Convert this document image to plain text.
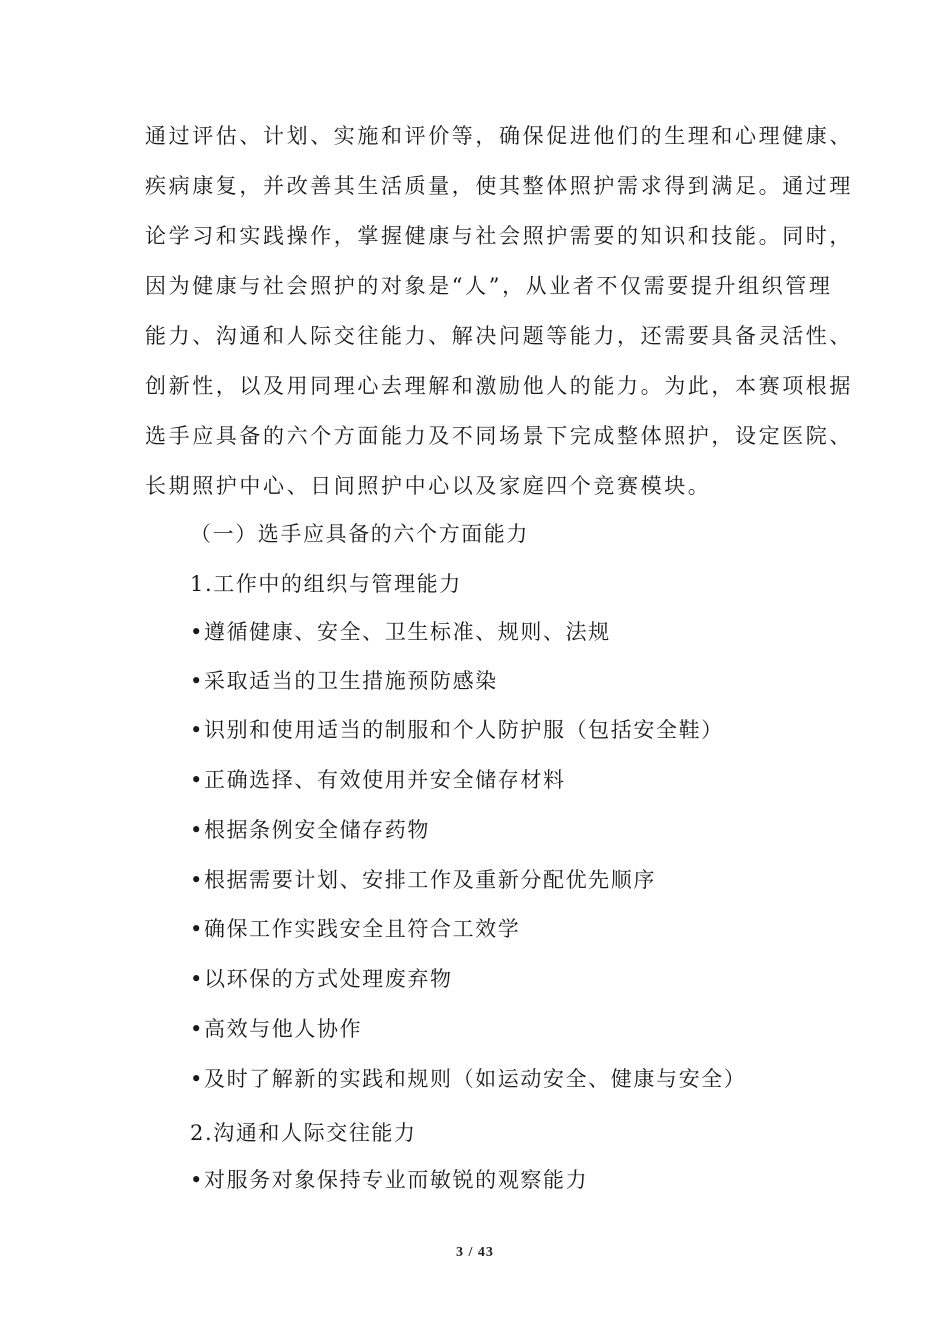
通过评估、计划、实施和评价等，确保促进他们的生理和心理健康、
疾病康复，并改善其生活质量，使其整体照护需求得到满足。通过理
论学习和实践操作，掌握健康与社会照护需要的知识和技能。同时，
因为健康与社会照护的对象是“人”，从业者不仅需要提升组织管理
能力、沟通和人际交往能力、解决问题等能力，还需要具备灵活性、
创新性，以及用同理心去理解和激励他人的能力。为此，本赛项根据
选手应具备的六个方面能力及不同场景下完成整体照护，设定医院、
长期照护中心、日间照护中心以及家庭四个竞赛模块。
（一）选手应具备的六个方面能力
1.工作中的组织与管理能力
•遵循健康、安全、卫生标准、规则、法规
•采取适当的卫生措施预防感染
•识别和使用适当的制服和个人防护服（包括安全鞋）
•正确选择、有效使用并安全储存材料
•根据条例安全储存药物
•根据需要计划、安排工作及重新分配优先顺序
•确保工作实践安全且符合工效学
•以环保的方式处理废弃物
•高效与他人协作
•及时了解新的实践和规则（如运动安全、健康与安全）
2.沟通和人际交往能力
•对服务对象保持专业而敏锐的观察能力
3 / 43
